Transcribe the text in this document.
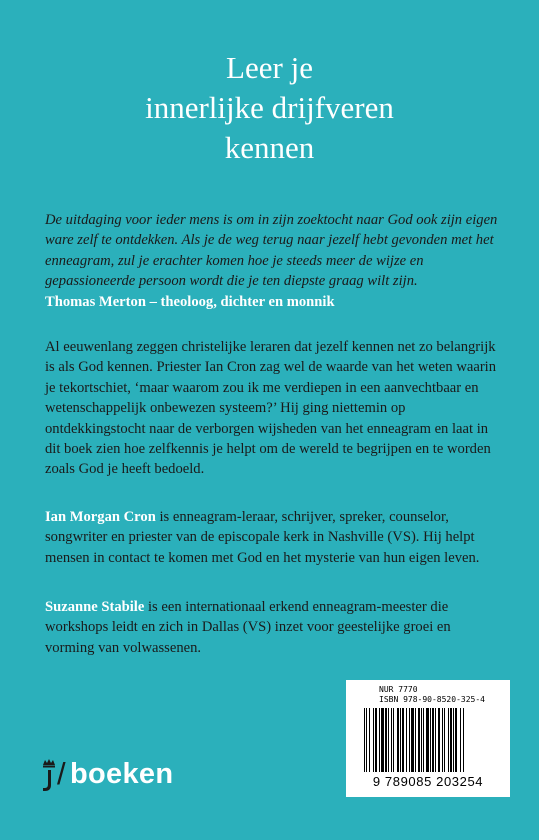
Leer je
innerlijke drijfveren
kennen
De uitdaging voor ieder mens is om in zijn zoektocht naar God ook zijn eigen ware zelf te ontdekken. Als je de weg terug naar jezelf hebt gevonden met het enneagram, zul je erachter komen hoe je steeds meer de wijze en gepassioneerde persoon wordt die je ten diepste graag wilt zijn.
Thomas Merton – theoloog, dichter en monnik
Al eeuwenlang zeggen christelijke leraren dat jezelf kennen net zo belangrijk is als God kennen. Priester Ian Cron zag wel de waarde van het weten waarin je tekortschiet, ‘maar waarom zou ik me verdiepen in een aanvechtbaar en wetenschappelijk onbewezen systeem?’ Hij ging niettemin op ontdekkingstocht naar de verborgen wijsheden van het enneagram en laat in dit boek zien hoe zelfkennis je helpt om de wereld te begrijpen en te worden zoals God je heeft bedoeld.
Ian Morgan Cron is enneagram-leraar, schrijver, spreker, counselor, songwriter en priester van de episcopale kerk in Nashville (VS). Hij helpt mensen in contact te komen met God en het mysterie van hun eigen leven.
Suzanne Stabile is een internationaal erkend enneagram-meester die workshops leidt en zich in Dallas (VS) inzet voor geestelijke groei en vorming van volwassenen.
NUR 7770
ISBN 978-90-8520-325-4
9 789085 203254
/ boeken
